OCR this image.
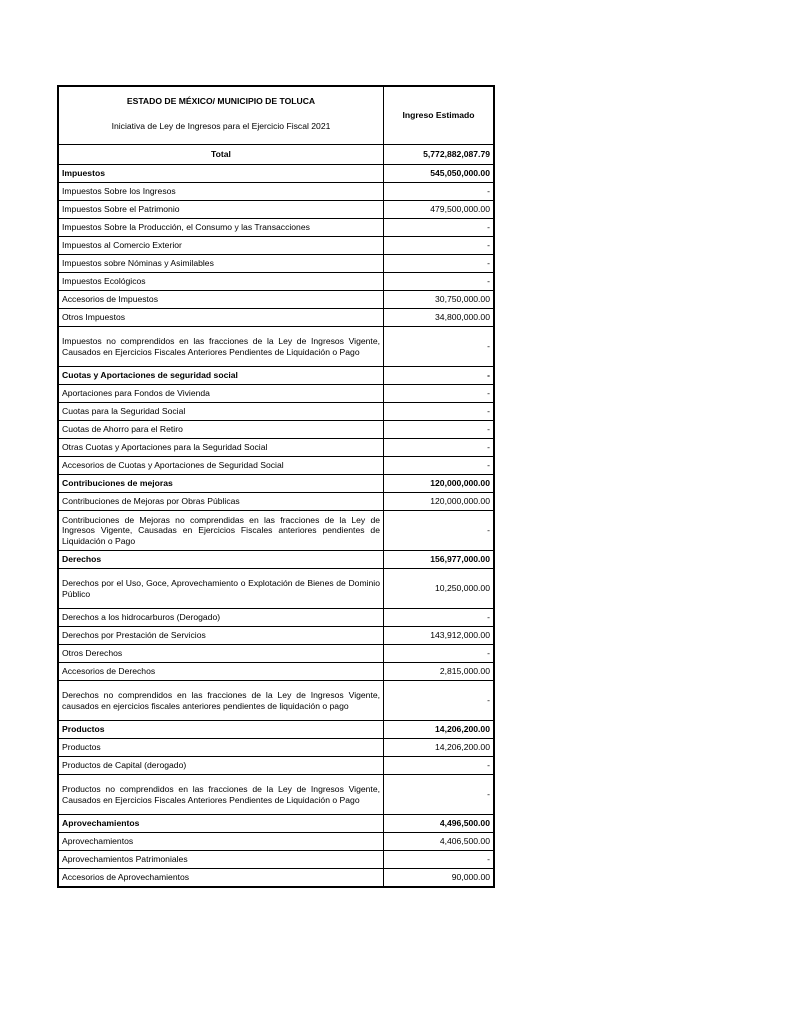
ESTADO DE MÉXICO/ MUNICIPIO DE TOLUCA
Iniciativa de Ley de Ingresos para el Ejercicio Fiscal 2021	Ingreso Estimado
Total	5,772,882,087.79
Impuestos	545,050,000.00
Impuestos Sobre los Ingresos	-
Impuestos Sobre el Patrimonio	479,500,000.00
Impuestos Sobre la Producción, el Consumo y las Transacciones	-
Impuestos al Comercio Exterior	-
Impuestos sobre Nóminas y Asimilables	-
Impuestos Ecológicos	-
Accesorios de Impuestos	30,750,000.00
Otros Impuestos	34,800,000.00
Impuestos no comprendidos en las fracciones de la Ley de Ingresos Vigente, Causados en Ejercicios Fiscales Anteriores Pendientes de Liquidación o Pago	-
Cuotas y Aportaciones de seguridad social	-
Aportaciones para Fondos de Vivienda	-
Cuotas para la Seguridad Social	-
Cuotas de Ahorro para el Retiro	-
Otras Cuotas y Aportaciones para la Seguridad Social	-
Accesorios de Cuotas y Aportaciones de Seguridad Social	-
Contribuciones de mejoras	120,000,000.00
Contribuciones de Mejoras por Obras Públicas	120,000,000.00
Contribuciones de Mejoras no comprendidas en las fracciones de la Ley de Ingresos Vigente, Causadas en Ejercicios Fiscales anteriores pendientes de Liquidación o Pago	-
Derechos	156,977,000.00
Derechos por el Uso, Goce, Aprovechamiento o Explotación de Bienes de Dominio Público	10,250,000.00
Derechos a los hidrocarburos (Derogado)	-
Derechos por Prestación de Servicios	143,912,000.00
Otros Derechos	-
Accesorios de Derechos	2,815,000.00
Derechos no comprendidos en las fracciones de la Ley de Ingresos Vigente, causados en ejercicios fiscales anteriores pendientes de liquidación o pago	-
Productos	14,206,200.00
Productos	14,206,200.00
Productos de Capital (derogado)	-
Productos no comprendidos en las fracciones de la Ley de Ingresos Vigente, Causados en Ejercicios Fiscales Anteriores Pendientes de Liquidación o Pago	-
Aprovechamientos	4,496,500.00
Aprovechamientos	4,406,500.00
Aprovechamientos Patrimoniales	-
Accesorios de Aprovechamientos	90,000.00
